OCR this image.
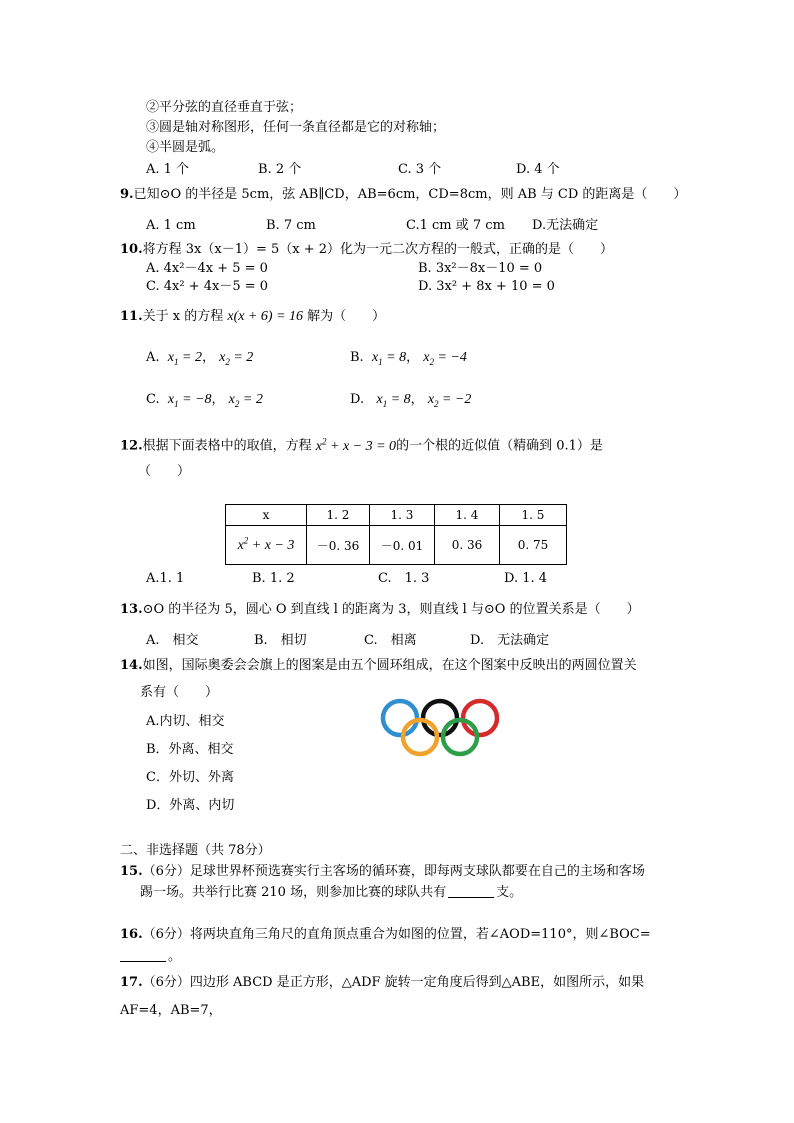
②平分弦的直径垂直于弦；
③圆是轴对称图形，任何一条直径都是它的对称轴；
④半圆是弧。
A. 1 个	B. 2 个	C. 3 个	D. 4 个
9.已知⊙O 的半径是 5cm，弦 AB∥CD，AB=6cm，CD=8cm，则 AB 与 CD 的距离是（　　）
A. 1 cm	B. 7 cm	C.1 cm 或 7 cm D.无法确定
10.将方程 3x（x－1）= 5（x + 2）化为一元二次方程的一般式，正确的是（　　）
A. 4x²－4x + 5 = 0	B. 3x²－8x－10 = 0
C. 4x² + 4x－5 = 0	D. 3x² + 8x + 10 = 0
11.关于 x 的方程 x(x + 6) = 16 解为（　　）
A. $x_1 = 2$， $x_2 = 2$	B. $x_1 = 8$， $x_2 = -4$
C. $x_1 = -8$， $x_2 = 2$	D. $x_1 = 8$， $x_2 = -2$
12.根据下面表格中的取值，方程 $x^2 + x - 3 = 0$的一个根的近似值（精确到 0.1）是
（　　）
x	1. 2	1. 3	1. 4	1. 5
$x^2 + x - 3$	－0. 36	－0. 01	0. 36	0. 75
A.1. 1	B. 1. 2	C.　1. 3	D. 1. 4
13.⊙O 的半径为 5，圆心 O 到直线 l 的距离为 3，则直线 l 与⊙O 的位置关系是（　　）
A.　相交	B.　相切	C.　相离	D.　无法确定
14.如图，国际奥委会会旗上的图案是由五个圆环组成，在这个图案中反映出的两圆位置关
系有（　　）
A.内切、相交
B．外离、相交
C．外切、外离
D．外离、内切
二、非选择题（共 78分）
15.（6分）足球世界杯预选赛实行主客场的循环赛，即每两支球队都要在自己的主场和客场
踢一场。共举行比赛 210 场，则参加比赛的球队共有	支。
16.（6分）将两块直角三角尺的直角顶点重合为如图的位置，若∠AOD=110°，则∠BOC=
。
17.（6分）四边形 ABCD 是正方形，△ADF 旋转一定角度后得到△ABE，如图所示，如果
AF=4，AB=7，
